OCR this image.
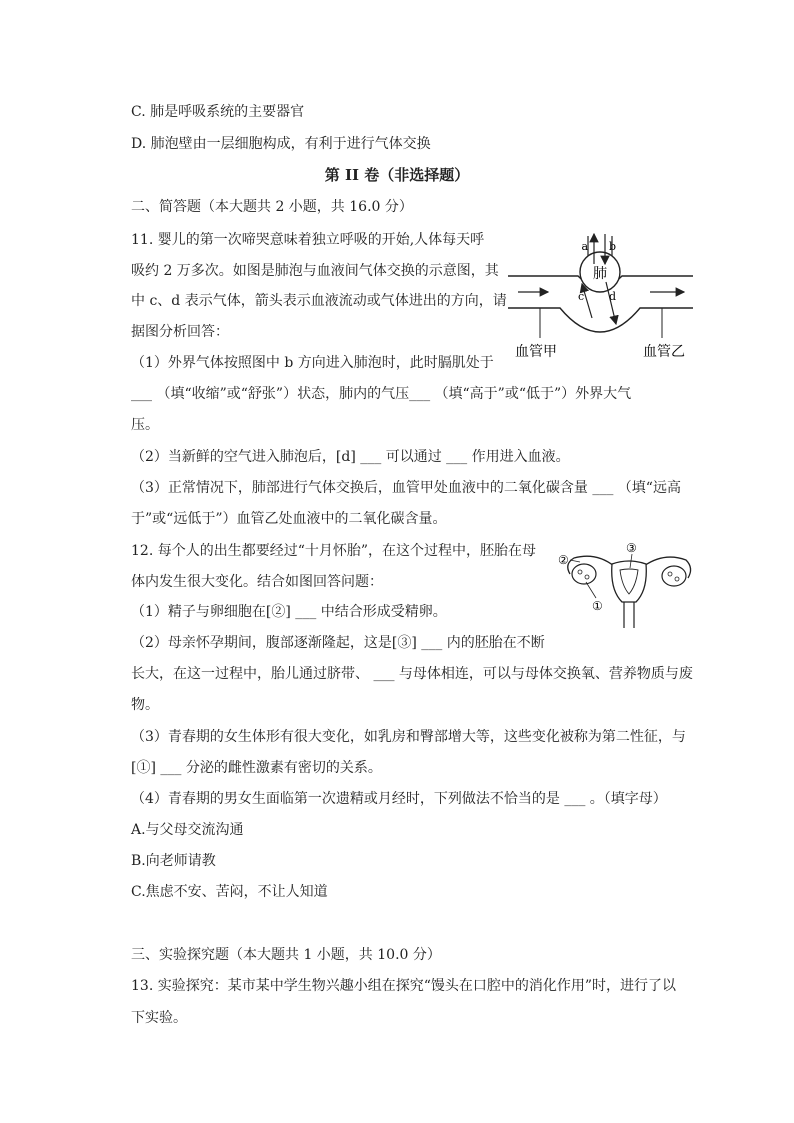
C. 肺是呼吸系统的主要器官
D. 肺泡壁由一层细胞构成，有利于进行气体交换
第 II 卷（非选择题）
二、简答题（本大题共 2 小题，共 16.0 分）
11. 婴儿的第一次啼哭意味着独立呼吸的开始,人体每天呼
吸约 2 万多次。如图是肺泡与血液间气体交换的示意图，其
中 c、d 表示气体，箭头表示血液流动或气体进出的方向，请
据图分析回答：
（1）外界气体按照图中 b 方向进入肺泡时，此时膈肌处于
___ （填“收缩”或“舒张”）状态，肺内的气压___ （填“高于”或“低于”）外界大气
压。
（2）当新鲜的空气进入肺泡后，[d] ___ 可以通过 ___ 作用进入血液。
（3）正常情况下，肺部进行气体交换后，血管甲处血液中的二氧化碳含量 ___ （填“远高
于”或“远低于”）血管乙处血液中的二氧化碳含量。
12. 每个人的出生都要经过“十月怀胎”，在这个过程中，胚胎在母
体内发生很大变化。结合如图回答问题：
（1）精子与卵细胞在[②] ___ 中结合形成受精卵。
（2）母亲怀孕期间，腹部逐渐隆起，这是[③] ___ 内的胚胎在不断
长大，在这一过程中，胎儿通过脐带、 ___ 与母体相连，可以与母体交换氧、营养物质与废
物。
（3）青春期的女生体形有很大变化，如乳房和臀部增大等，这些变化被称为第二性征，与
[①] ___ 分泌的雌性激素有密切的关系。
（4）青春期的男女生面临第一次遗精或月经时，下列做法不恰当的是 ___ 。（填字母）
A.与父母交流沟通
B.向老师请教
C.焦虑不安、苦闷，不让人知道
三、实验探究题（本大题共 1 小题，共 10.0 分）
13. 实验探究：某市某中学生物兴趣小组在探究“馒头在口腔中的消化作用”时，进行了以
下实验。
a b
肺
c d
血管甲	血管乙
②
③
①
